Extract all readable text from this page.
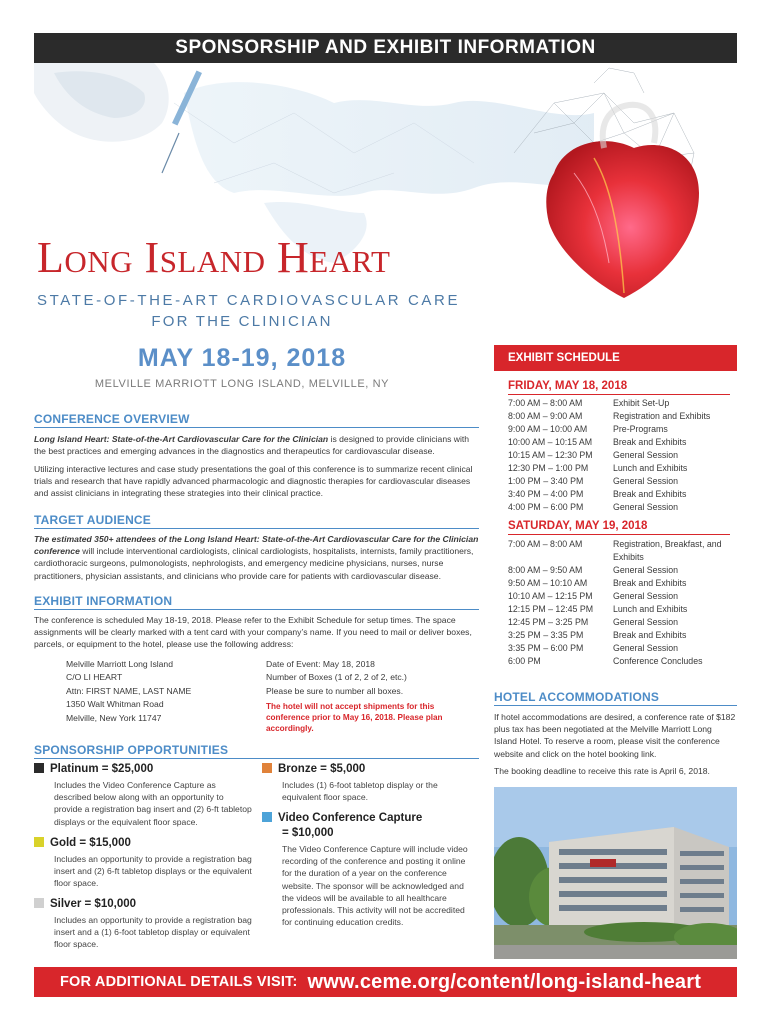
SPONSORSHIP AND EXHIBIT INFORMATION
Long Island Heart
STATE-OF-THE-ART CARDIOVASCULAR CARE
FOR THE CLINICIAN
MAY 18-19, 2018
MELVILLE MARRIOTT LONG ISLAND, MELVILLE, NY
CONFERENCE OVERVIEW
Long Island Heart: State-of-the-Art Cardiovascular Care for the Clinician is designed to provide clinicians with the best practices and emerging advances in the diagnostics and therapeutics for cardiovascular disease.
Utilizing interactive lectures and case study presentations the goal of this conference is to summarize recent clinical trials and research that have rapidly advanced pharmacologic and diagnostic therapies for cardiovascular diseases and assist clinicians in integrating these strategies into their clinical practice.
TARGET AUDIENCE
The estimated 350+ attendees of the Long Island Heart: State-of-the-Art Cardiovascular Care for the Clinician conference will include interventional cardiologists, clinical cardiologists, hospitalists, internists, family practitioners, cardiothoracic surgeons, pulmonologists, nephrologists, and emergency medicine physicians, nurses, nurse practitioners, physician assistants, and clinicians who provide care for patients with cardiovascular disease.
EXHIBIT INFORMATION
The conference is scheduled May 18-19, 2018. Please refer to the Exhibit Schedule for setup times. The space assignments will be clearly marked with a tent card with your company’s name. If you need to mail or deliver boxes, parcels, or equipment to the hotel, please use the following address:
Melville Marriott Long Island
C/O LI HEART
Attn: FIRST NAME, LAST NAME
1350 Walt Whitman Road
Melville, New York 11747
Date of Event: May 18, 2018
Number of Boxes (1 of 2, 2 of 2, etc.)
Please be sure to number all boxes.
The hotel will not accept shipments for this conference prior to May 16, 2018. Please plan accordingly.
SPONSORSHIP OPPORTUNITIES
Platinum = $25,000
Includes the Video Conference Capture as described below along with an opportunity to provide a registration bag insert and (2) 6-ft tabletop displays or the equivalent floor space.
Gold = $15,000
Includes an opportunity to provide a registration bag insert and (2) 6-ft tabletop displays or the equivalent floor space.
Silver = $10,000
Includes an opportunity to provide a registration bag insert and a (1) 6-foot tabletop display or equivalent floor space.
Bronze = $5,000
Includes (1) 6-foot tabletop display or the equivalent floor space.
Video Conference Capture
= $10,000
The Video Conference Capture will include video recording of the conference and posting it online for the duration of a year on the conference website. The sponsor will be acknowledged and the videos will be available to all healthcare professionals. This activity will not be accredited for continuing education credits.
EXHIBIT SCHEDULE
FRIDAY, MAY 18, 2018
7:00 AM – 8:00 AM	Exhibit Set-Up
8:00 AM – 9:00 AM	Registration and Exhibits
9:00 AM – 10:00 AM	Pre-Programs
10:00 AM – 10:15 AM Break and Exhibits
10:15 AM – 12:30 PM General Session
12:30 PM – 1:00 PM	Lunch and Exhibits
1:00 PM – 3:40 PM	General Session
3:40 PM – 4:00 PM	Break and Exhibits
4:00 PM – 6:00 PM	General Session
SATURDAY, MAY 19, 2018
7:00 AM – 8:00 AM	Registration, Breakfast, and Exhibits
8:00 AM – 9:50 AM	General Session
9:50 AM – 10:10 AM	Break and Exhibits
10:10 AM – 12:15 PM General Session
12:15 PM – 12:45 PM Lunch and Exhibits
12:45 PM – 3:25 PM	General Session
3:25 PM – 3:35 PM	Break and Exhibits
3:35 PM – 6:00 PM	General Session
6:00 PM	Conference Concludes
HOTEL ACCOMMODATIONS
If hotel accommodations are desired, a conference rate of $182 plus tax has been negotiated at the Melville Marriott Long Island Hotel. To reserve a room, please visit the conference website and click on the hotel booking link.
The booking deadline to receive this rate is April 6, 2018.
FOR ADDITIONAL DETAILS VISIT: www.ceme.org/content/long-island-heart
